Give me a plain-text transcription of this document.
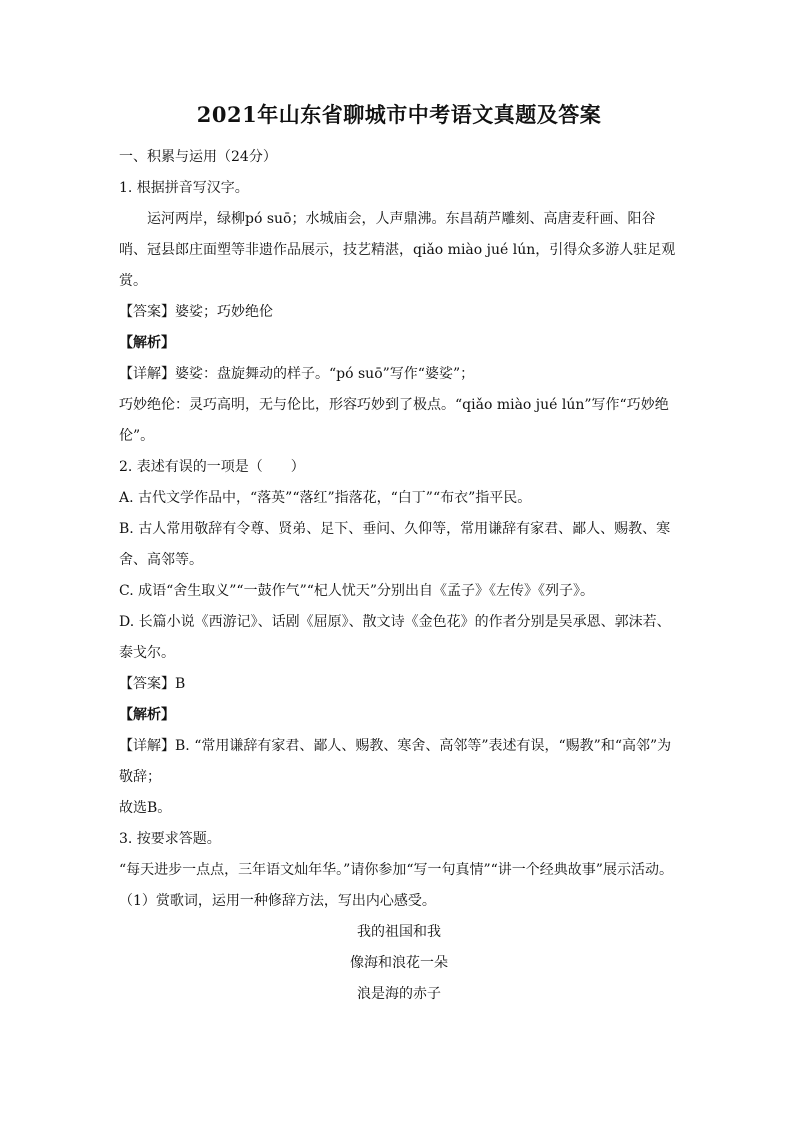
2021年山东省聊城市中考语文真题及答案

一、积累与运用（24分）

1. 根据拼音写汉字。

运河两岸，绿柳pó suō；水城庙会，人声鼎沸。东昌葫芦雕刻、高唐麦秆画、阳谷哨、冠县郎庄面塑等非遗作品展示，技艺精湛，qiǎo miào jué lún，引得众多游人驻足观赏。

【答案】婆娑；巧妙绝伦

【解析】

【详解】婆娑：盘旋舞动的样子。“pó suō”写作“婆娑”；

巧妙绝伦：灵巧高明，无与伦比，形容巧妙到了极点。“qiǎo miào jué lún”写作“巧妙绝伦”。

2. 表述有误的一项是（　　）

A. 古代文学作品中，“落英”“落红”指落花，“白丁”“布衣”指平民。

B. 古人常用敬辞有令尊、贤弟、足下、垂问、久仰等，常用谦辞有家君、鄙人、赐教、寒舍、高邻等。

C. 成语“舍生取义”“一鼓作气”“杞人忧天”分别出自《孟子》《左传》《列子》。

D. 长篇小说《西游记》、话剧《屈原》、散文诗《金色花》的作者分别是吴承恩、郭沫若、泰戈尔。

【答案】B

【解析】

【详解】B. “常用谦辞有家君、鄙人、赐教、寒舍、高邻等”表述有误，“赐教”和“高邻”为敬辞；

故选B。

3. 按要求答题。

“每天进步一点点，三年语文灿年华。”请你参加“写一句真情”“讲一个经典故事”展示活动。

（1）赏歌词，运用一种修辞方法，写出内心感受。

我的祖国和我

像海和浪花一朵

浪是海的赤子
